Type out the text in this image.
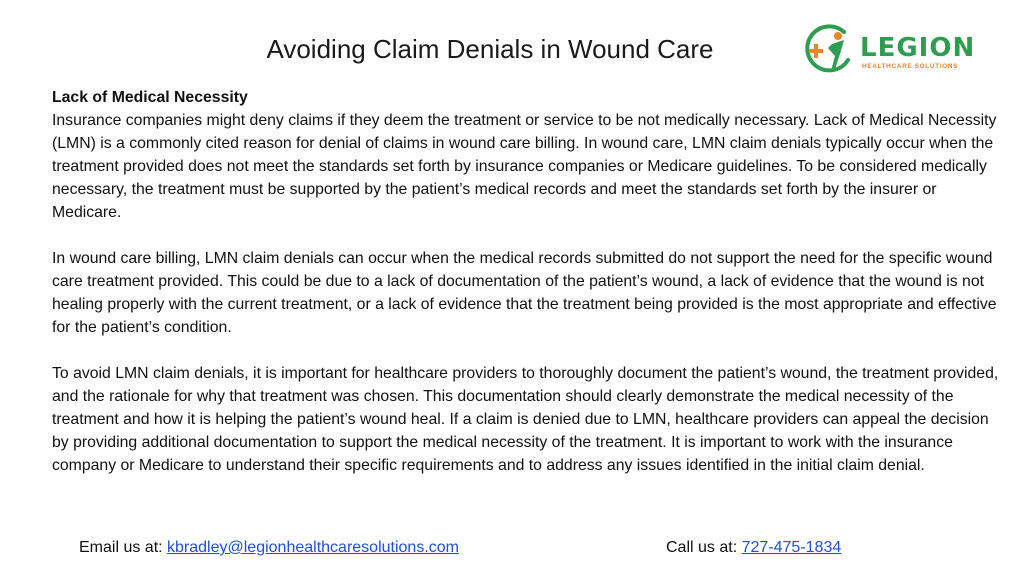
Avoiding Claim Denials in Wound Care	LEGION
HEALTHCARE SOLUTIONS

Lack of Medical Necessity

Insurance companies might deny claims if they deem the treatment or service to be not medically necessary. Lack of Medical Necessity (LMN) is a commonly cited reason for denial of claims in wound care billing. In wound care, LMN claim denials typically occur when the treatment provided does not meet the standards set forth by insurance companies or Medicare guidelines. To be considered medically necessary, the treatment must be supported by the patient’s medical records and meet the standards set forth by the insurer or Medicare.

In wound care billing, LMN claim denials can occur when the medical records submitted do not support the need for the specific wound care treatment provided. This could be due to a lack of documentation of the patient’s wound, a lack of evidence that the wound is not healing properly with the current treatment, or a lack of evidence that the treatment being provided is the most appropriate and effective for the patient’s condition.

To avoid LMN claim denials, it is important for healthcare providers to thoroughly document the patient’s wound, the treatment provided, and the rationale for why that treatment was chosen. This documentation should clearly demonstrate the medical necessity of the treatment and how it is helping the patient’s wound heal. If a claim is denied due to LMN, healthcare providers can appeal the decision by providing additional documentation to support the medical necessity of the treatment. It is important to work with the insurance company or Medicare to understand their specific requirements and to address any issues identified in the initial claim denial.

Email us at: kbradley@legionhealthcaresolutions.com	Call us at: 727-475-1834
